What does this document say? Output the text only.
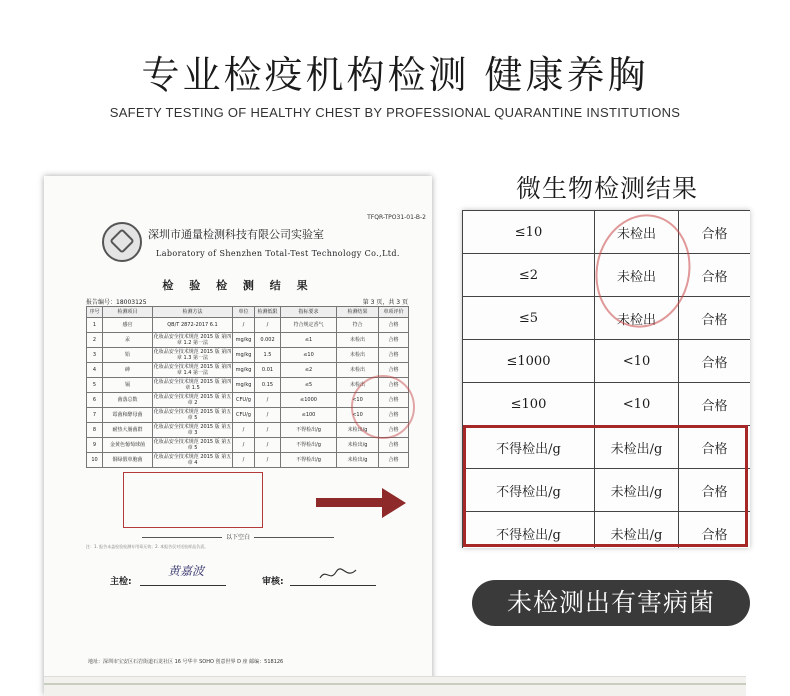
专业检疫机构检测 健康养胸
SAFETY TESTING OF HEALTHY CHEST BY PROFESSIONAL QUARANTINE INSTITUTIONS
TFQR-TPO31-01-B-2
深圳市通量检测科技有限公司实验室
Laboratory of Shenzhen Total-Test Technology Co.,Ltd.
检 验 检 测 结 果
报告编号：18003125	第 3 页，共 3 页
序号	检测项目	检测方法	单位	检测低限	指标要求	检测结果	单项评价
1	感官	QB/T 2872-2017 6.1	/	/	符合规定香气	符合	合格
2	汞	化妆品安全技术规范 2015 版 第四章 1.2 第一法	mg/kg	0.002	≤1	未检出	合格
3	铅	化妆品安全技术规范 2015 版 第四章 1.3 第一法	mg/kg	1.5	≤10	未检出	合格
4	砷	化妆品安全技术规范 2015 版 第四章 1.4 第一法	mg/kg	0.01	≤2	未检出	合格
5	镉	化妆品安全技术规范 2015 版 第四章 1.5	mg/kg	0.15	≤5	未检出	合格
6	菌落总数	化妆品安全技术规范 2015 版 第五章 2	CFU/g	/	≤1000	<10	合格
7	霉菌和酵母菌	化妆品安全技术规范 2015 版 第五章 5	CFU/g	/	≤100	<10	合格
8	耐热大肠菌群	化妆品安全技术规范 2015 版 第五章 3	/	/	不得检出/g	未检出/g	合格
9	金黄色葡萄球菌	化妆品安全技术规范 2015 版 第五章 5	/	/	不得检出/g	未检出/g	合格
10	铜绿假单胞菌	化妆品安全技术规范 2015 版 第五章 4	/	/	不得检出/g	未检出/g	合格
以下空白
注：1. 报告未盖检验检测专用章无效；2. 本报告仅对送检样品负责。
主检:
黄嘉波
审核:
地址：深圳市宝安区石岩街道石龙社区 16 号华丰 SOHO 创意世界 D 座 邮编：518126
微生物检测结果
≤10	未检出	合格
≤2	未检出	合格
≤5	未检出	合格
≤1000	<10	合格
≤100	<10	合格
不得检出/g	未检出/g	合格
不得检出/g	未检出/g	合格
不得检出/g	未检出/g	合格
未检测出有害病菌
